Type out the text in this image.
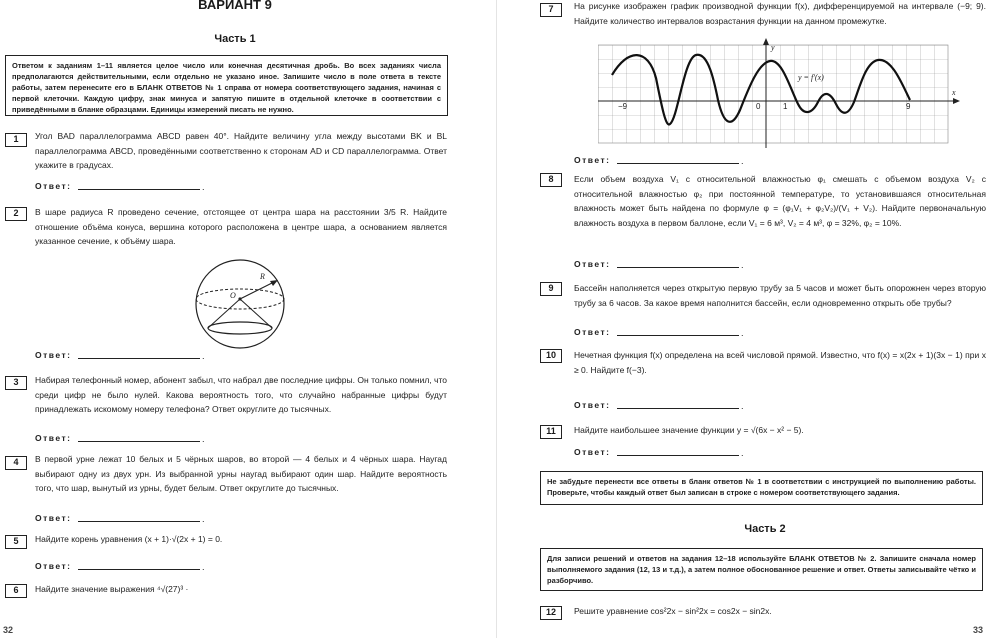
ВАРИАНТ 9
Часть 1
Ответом к заданиям 1–11 является целое число или конечная десятичная дробь. Во всех заданиях числа предполагаются действительными, если отдельно не указано иное. Запишите число в поле ответа в тексте работы, затем перенесите его в БЛАНК ОТВЕТОВ № 1 справа от номера соответствующего задания, начиная с первой клеточки. Каждую цифру, знак минуса и запятую пишите в отдельной клеточке в соответствии с приведёнными в бланке образцами. Единицы измерений писать не нужно.
1	Угол BAD параллелограмма ABCD равен 40°. Найдите величину угла между высотами BK и BL параллелограмма ABCD, проведёнными соответственно к сторонам AD и CD параллелограмма. Ответ укажите в градусах.
Ответ:	.
2	В шаре радиуса R проведено сечение, отстоящее от центра шара на расстоянии 3/5 R. Найдите отношение объёма конуса, вершина которого расположена в центре шара, а основанием является указанное сечение, к объёму шара.
R
O
Ответ:	.
3	Набирая телефонный номер, абонент забыл, что набрал две последние цифры. Он только помнил, что среди цифр не было нулей. Какова вероятность того, что случайно набранные цифры будут принадлежать искомому номеру телефона? Ответ округлите до тысячных.
Ответ:	.
4	В первой урне лежат 10 белых и 5 чёрных шаров, во второй — 4 белых и 4 чёрных шара. Наугад выбирают одну из двух урн. Из выбранной урны наугад выбирают один шар. Найдите вероятность того, что шар, вынутый из урны, будет белым. Ответ округлите до тысячных.
Ответ:	.
5	Найдите корень уравнения (x + 1)·√(2x + 1) = 0.
Ответ:	.
6	Найдите значение выражения ⁴√(27)³ ·
32
7	На рисунке изображен график производной функции f(x), дифференцируемой на интервале (−9; 9). Найдите количество интервалов возрастания функции на данном промежутке.
y
x
y = f′(x)
−9	0	1	9
Ответ:	.
8	Если объем воздуха V₁ с относительной влажностью φ₁ смешать с объемом воздуха V₂ с относительной влажностью φ₂ при постоянной температуре, то установившаяся относительная влажность может быть найдена по формуле φ = (φ₁V₁ + φ₂V₂)/(V₁ + V₂). Найдите первоначальную влажность воздуха в первом баллоне, если V₁ = 6 м³, V₂ = 4 м³, φ = 32%, φ₂ = 10%.
Ответ:	.
9	Бассейн наполняется через открытую первую трубу за 5 часов и может быть опорожнен через вторую трубу за 6 часов. За какое время наполнится бассейн, если одновременно открыть обе трубы?
Ответ:	.
10	Нечетная функция f(x) определена на всей числовой прямой. Известно, что f(x) = x(2x + 1)(3x − 1) при x ≥ 0. Найдите f(−3).
Ответ:	.
11	Найдите наибольшее значение функции y = √(6x − x² − 5).
Ответ:	.
Не забудьте перенести все ответы в бланк ответов № 1 в соответствии с инструкцией по выполнению работы. Проверьте, чтобы каждый ответ был записан в строке с номером соответствующего задания.
Часть 2
Для записи решений и ответов на задания 12–18 используйте БЛАНК ОТВЕТОВ № 2. Запишите сначала номер выполняемого задания (12, 13 и т.д.), а затем полное обоснованное решение и ответ. Ответы записывайте чётко и разборчиво.
12	Решите уравнение cos²2x − sin²2x = cos2x − sin2x.
33
